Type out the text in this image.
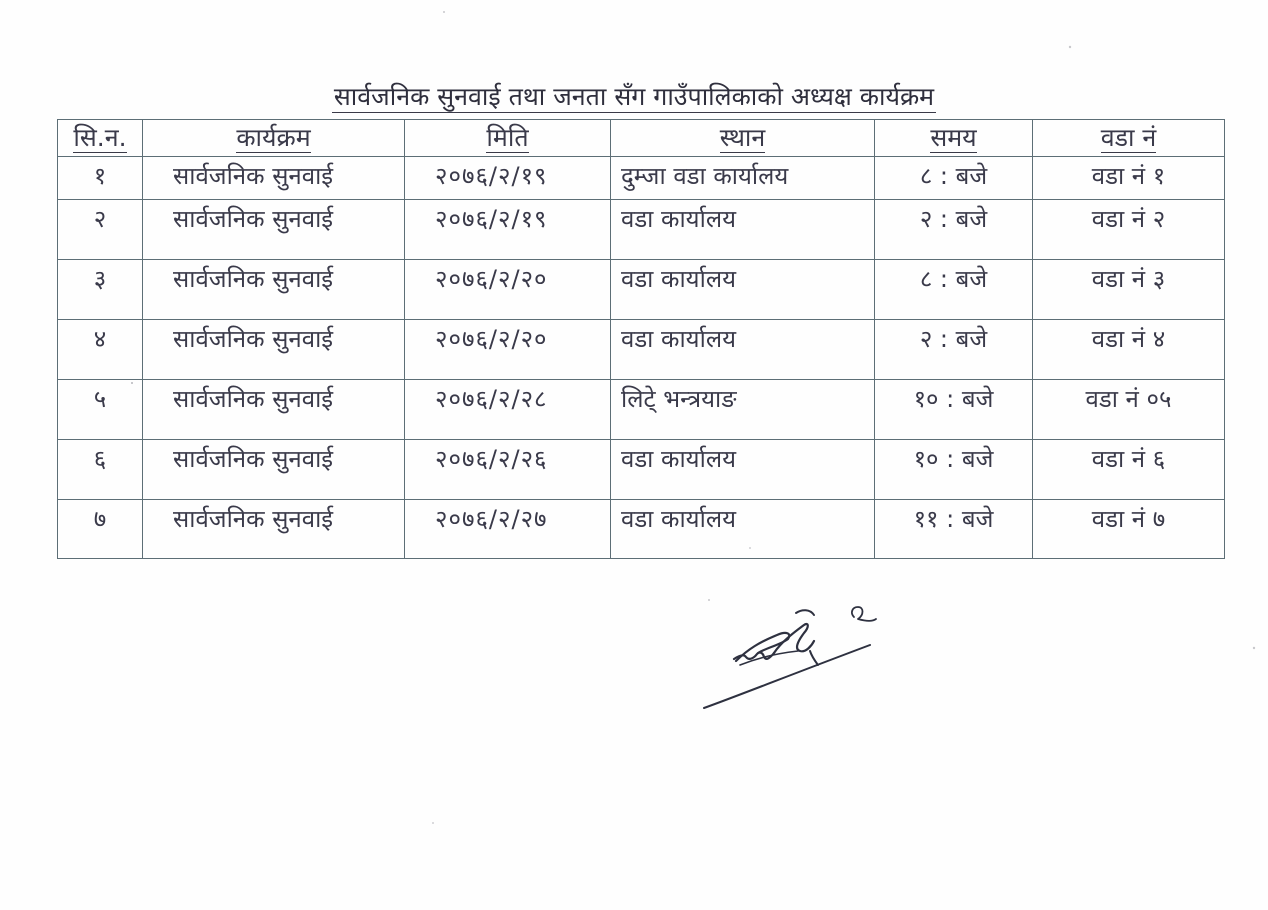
सार्वजनिक सुनवाई तथा जनता सँग गाउँपालिकाको अध्यक्ष कार्यक्रम
सि.न.	कार्यक्रम	मिति	स्थान	समय	वडा नं
१	सार्वजनिक सुनवाई	२०७६/२/१९	दुम्जा वडा कार्यालय	८ : बजे	वडा नं १
२	सार्वजनिक सुनवाई	२०७६/२/१९	वडा कार्यालय	२ : बजे	वडा नं २
३	सार्वजनिक सुनवाई	२०७६/२/२०	वडा कार्यालय	८ : बजे	वडा नं ३
४	सार्वजनिक सुनवाई	२०७६/२/२०	वडा कार्यालय	२ : बजे	वडा नं ४
५	सार्वजनिक सुनवाई	२०७६/२/२८	लिटे् भन्त्रयाङ	१० : बजे	वडा नं ०५
६	सार्वजनिक सुनवाई	२०७६/२/२६	वडा कार्यालय	१० : बजे	वडा नं ६
७	सार्वजनिक सुनवाई	२०७६/२/२७	वडा कार्यालय	११ : बजे	वडा नं ७
